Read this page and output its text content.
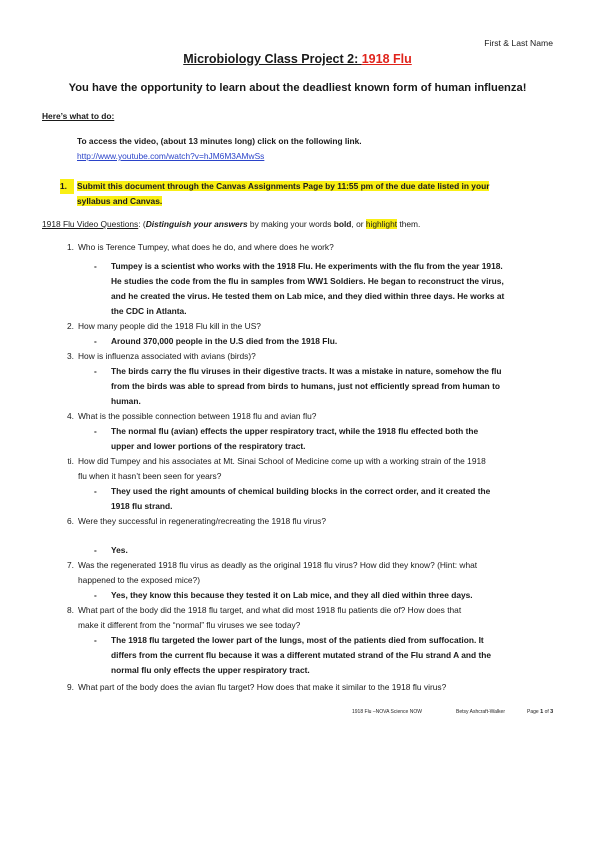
First & Last Name
Microbiology Class Project 2: 1918 Flu
You have the opportunity to learn about the deadliest known form of human influenza!
Here’s what to do:
To access the video, (about 13 minutes long) click on the following link.
http://www.youtube.com/watch?v=hJM6M3AMwSs
1.	Submit this document through the Canvas Assignments Page by 11:55 pm of the due date listed in your
syllabus and Canvas.
1918 Flu Video Questions: (Distinguish your answers by making your words bold, or highlight them.
1. Who is Terence Tumpey, what does he do, and where does he work?
- Tumpey is a scientist who works with the 1918 Flu. He experiments with the flu from the year 1918.
He studies the code from the flu in samples from WW1 Soldiers. He began to reconstruct the virus,
and he created the virus. He tested them on Lab mice, and they died within three days. He works at
the CDC in Atlanta.
2. How many people did the 1918 Flu kill in the US?
- Around 370,000 people in the U.S died from the 1918 Flu.
3. How is influenza associated with avians (birds)?
- The birds carry the flu viruses in their digestive tracts. It was a mistake in nature, somehow the flu
from the birds was able to spread from birds to humans, just not efficiently spread from human to
human.
4. What is the possible connection between 1918 flu and avian flu?
- The normal flu (avian) effects the upper respiratory tract, while the 1918 flu effected both the
upper and lower portions of the respiratory tract.
ti. How did Tumpey and his associates at Mt. Sinai School of Medicine come up with a working strain of the 1918
flu when it hasn’t been seen for years?
- They used the right amounts of chemical building blocks in the correct order, and it created the
1918 flu strand.
6. Were they successful in regenerating/recreating the 1918 flu virus?
- Yes.
7. Was the regenerated 1918 flu virus as deadly as the original 1918 flu virus? How did they know? (Hint: what
happened to the exposed mice?)
- Yes, they know this because they tested it on Lab mice, and they all died within three days.
8. What part of the body did the 1918 flu target, and what did most 1918 flu patients die of? How does that
make it different from the “normal” flu viruses we see today?
- The 1918 flu targeted the lower part of the lungs, most of the patients died from suffocation. It
differs from the current flu because it was a different mutated strand of the Flu strand A and the
normal flu only effects the upper respiratory tract.
9. What part of the body does the avian flu target? How does that make it similar to the 1918 flu virus?
1918 Flu –NOVA Science NOW	Betsy Ashcraft-Walker	Page 1 of 3
